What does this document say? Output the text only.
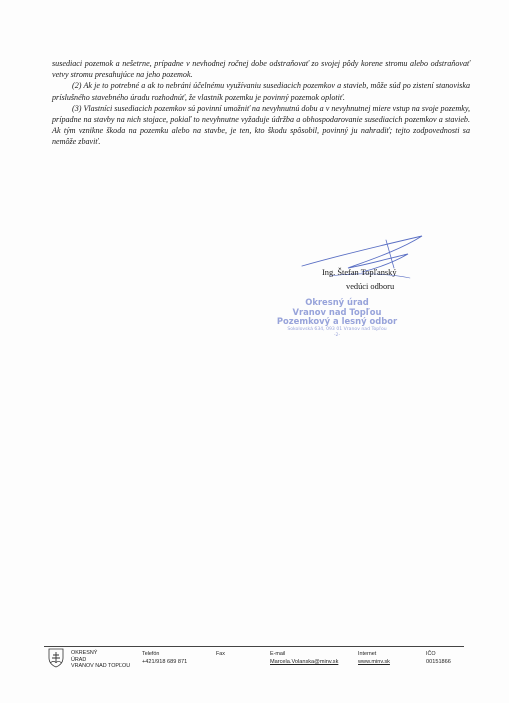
susediaci pozemok a nešetrne, prípadne v nevhodnej ročnej dobe odstraňovať zo svojej pôdy korene stromu alebo odstraňovať vetvy stromu presahujúce na jeho pozemok.

(2) Ak je to potrebné a ak to nebráni účelnému využívaniu susediacich pozemkov a stavieb, môže súd po zistení stanoviska príslušného stavebného úradu rozhodnúť, že vlastník pozemku je povinný pozemok oplotiť.

(3) Vlastníci susediacich pozemkov sú povinní umožniť na nevyhnutnú dobu a v nevyhnutnej miere vstup na svoje pozemky, prípadne na stavby na nich stojace, pokiaľ to nevyhnutne vyžaduje údržba a obhospodarovanie susediacich pozemkov a stavieb. Ak tým vznikne škoda na pozemku alebo na stavbe, je ten, kto škodu spôsobil, povinný ju nahradiť; tejto zodpovednosti sa nemôže zbaviť.

Ing. Štefan Topľanský
vedúci odboru
Okresný úrad
Vranov nad Topľou
Pozemkový a lesný odbor
Sokolovská 634, 093 01 Vranov nad Topľou
-2-
OKRESNÝ
ÚRAD
VRANOV NAD TOPĽOU
Telefón
+421/918 689 871
Fax	E-mail
Marcela.Volanska@minv.sk
Internet
www.minv.sk
IČO
00151866
